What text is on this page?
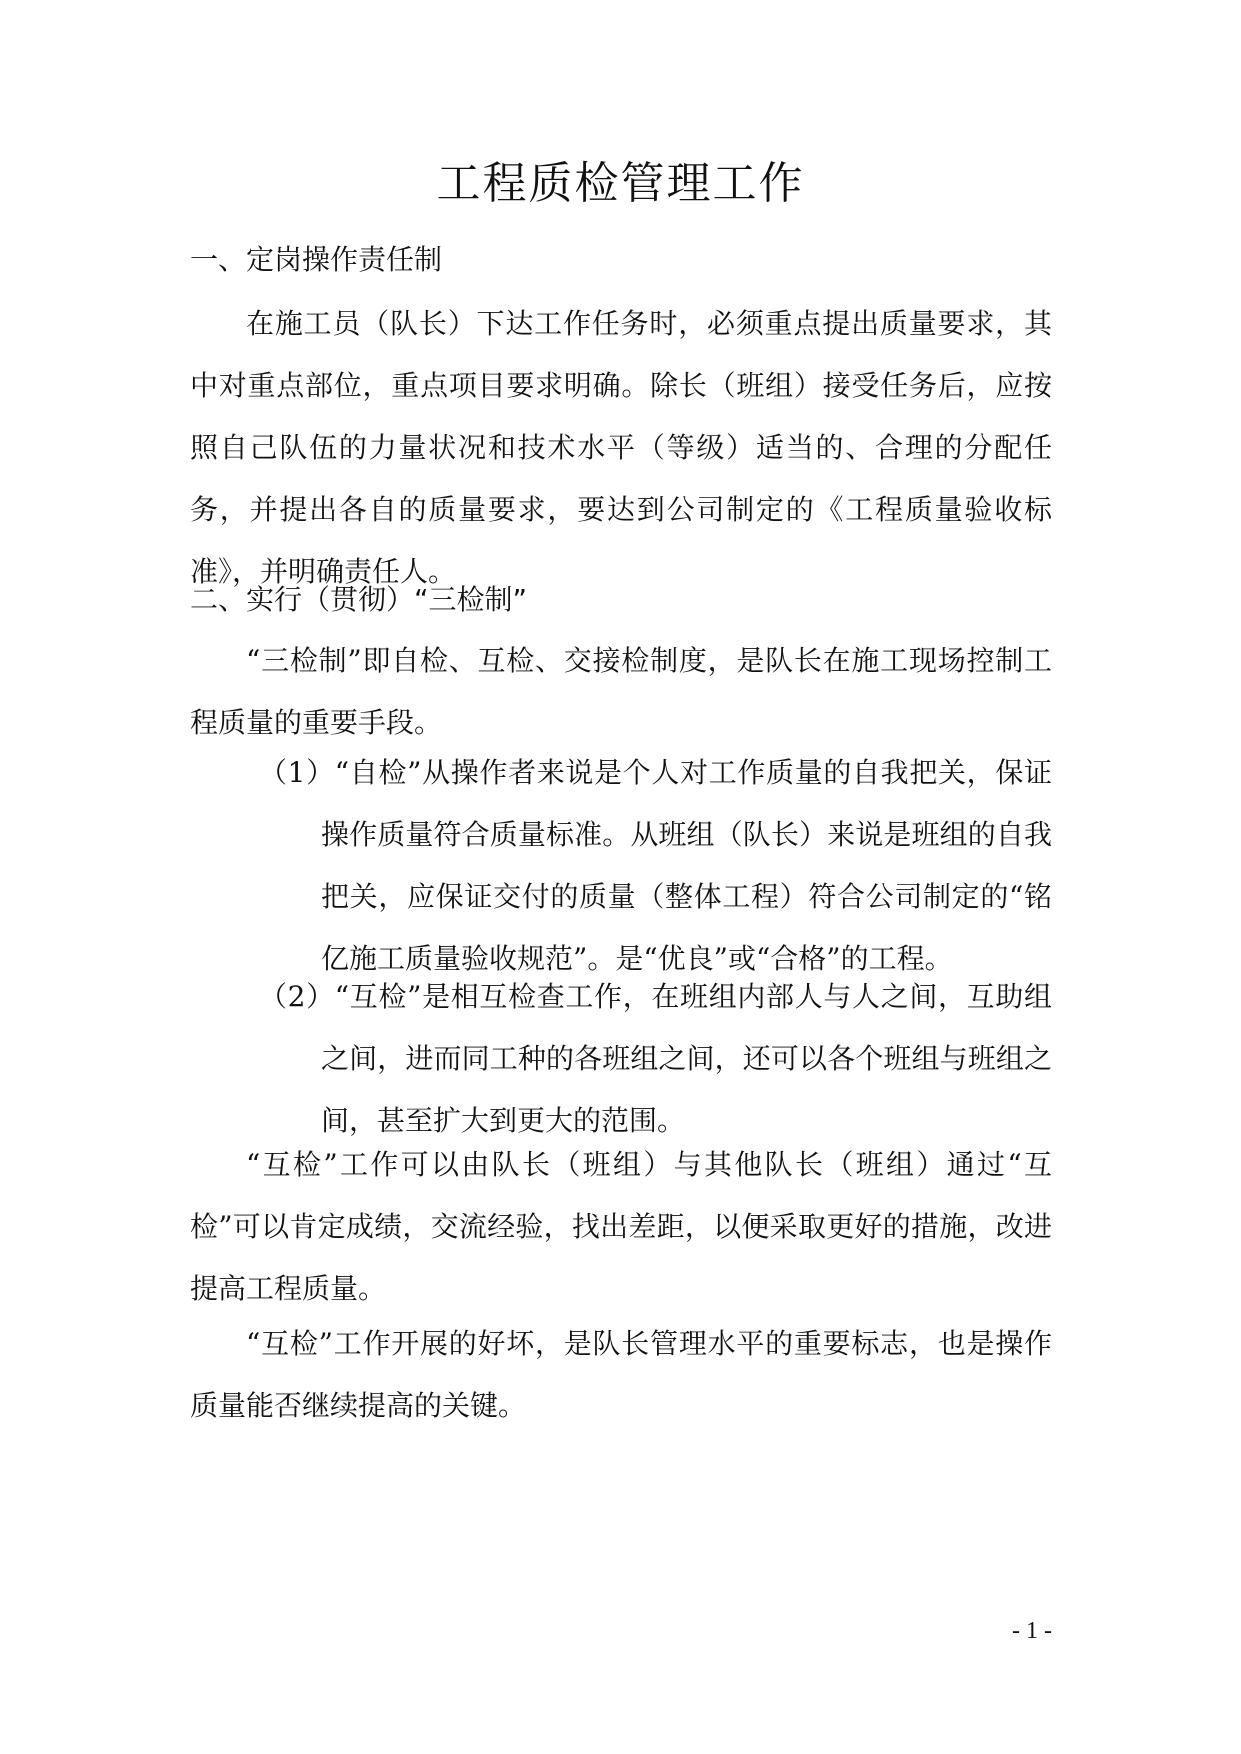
工程质检管理工作
一、定岗操作责任制

在施工员（队长）下达工作任务时，必须重点提出质量要求，其中对重点部位，重点项目要求明确。除长（班组）接受任务后，应按照自己队伍的力量状况和技术水平（等级）适当的、合理的分配任务，并提出各自的质量要求，要达到公司制定的《工程质量验收标准》，并明确责任人。

二、实行（贯彻）“三检制”

“三检制”即自检、互检、交接检制度，是队长在施工现场控制工程质量的重要手段。

（1）“自检”从操作者来说是个人对工作质量的自我把关，保证操作质量符合质量标准。从班组（队长）来说是班组的自我把关，应保证交付的质量（整体工程）符合公司制定的“铭亿施工质量验收规范”。是“优良”或“合格”的工程。

（2）“互检”是相互检查工作，在班组内部人与人之间，互助组之间，进而同工种的各班组之间，还可以各个班组与班组之间，甚至扩大到更大的范围。

“互检”工作可以由队长（班组）与其他队长（班组）通过“互检”可以肯定成绩，交流经验，找出差距，以便采取更好的措施，改进提高工程质量。

“互检”工作开展的好坏，是队长管理水平的重要标志，也是操作质量能否继续提高的关键。

- 1 -
